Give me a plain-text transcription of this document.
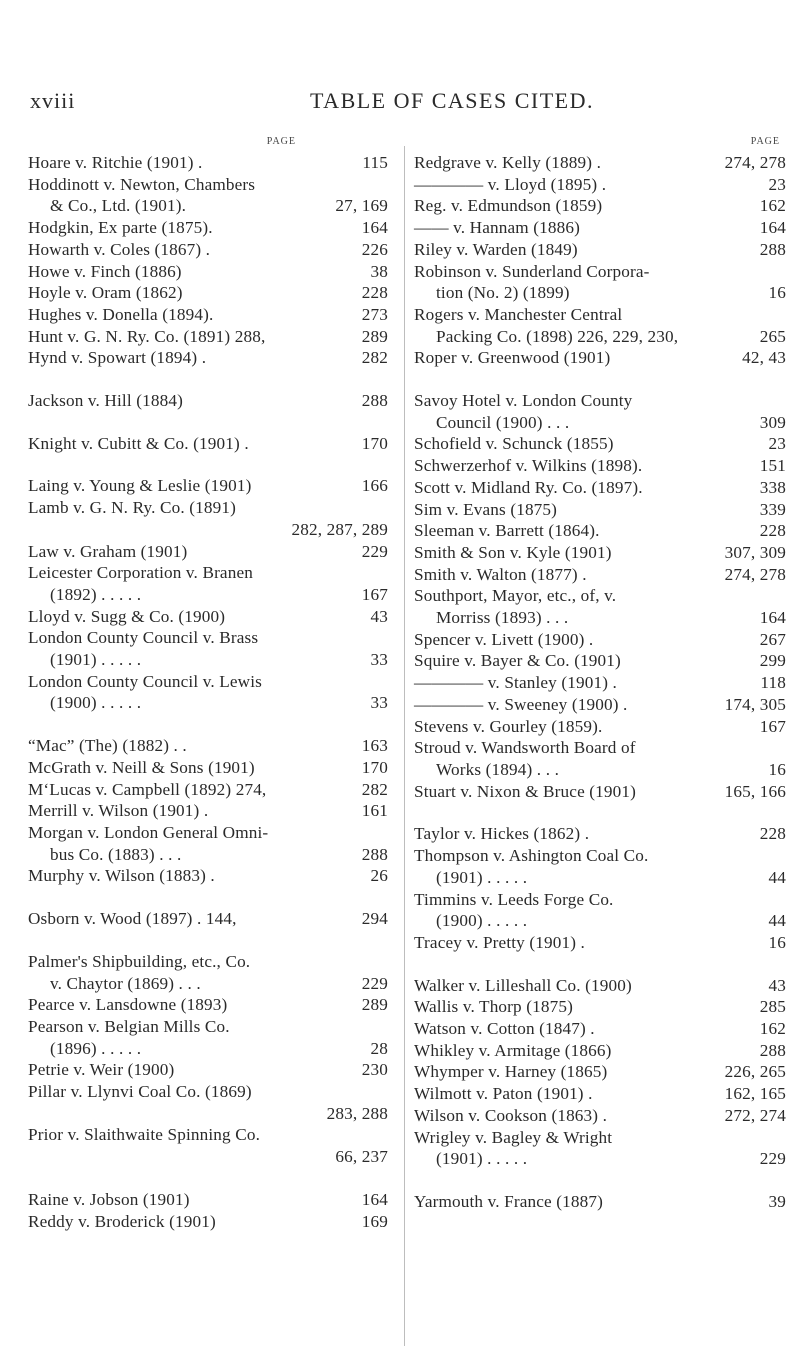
xviii	TABLE OF CASES CITED.
PAGE
Hoare v. Ritchie (1901) .	115
Hoddinott v. Newton, Chambers
& Co., Ltd. (1901).	27, 169
Hodgkin, Ex parte (1875).	164
Howarth v. Coles (1867) .	226
Howe v. Finch (1886)	38
Hoyle v. Oram (1862)	228
Hughes v. Donella (1894).	273
Hunt v. G. N. Ry. Co. (1891) 288,	289
Hynd v. Spowart (1894) .	282
Jackson v. Hill (1884)	288
Knight v. Cubitt & Co. (1901) .	170
Laing v. Young & Leslie (1901)	166
Lamb v. G. N. Ry. Co. (1891)
282, 287, 289
Law v. Graham (1901)	229
Leicester Corporation v. Branen
(1892) . . . . .	167
Lloyd v. Sugg & Co. (1900)	43
London County Council v. Brass
(1901) . . . . .	33
London County Council v. Lewis
(1900) . . . . .	33
“Mac” (The) (1882) . .	163
McGrath v. Neill & Sons (1901)	170
M‘Lucas v. Campbell (1892) 274,	282
Merrill v. Wilson (1901) .	161
Morgan v. London General Omni-
bus Co. (1883) . . .	288
Murphy v. Wilson (1883) .	26
Osborn v. Wood (1897) . 144,	294
Palmer's Shipbuilding, etc., Co.
v. Chaytor (1869) . . .	229
Pearce v. Lansdowne (1893)	289
Pearson v. Belgian Mills Co.
(1896) . . . . .	28
Petrie v. Weir (1900)	230
Pillar v. Llynvi Coal Co. (1869)
283, 288
Prior v. Slaithwaite Spinning Co.
66, 237
Raine v. Jobson (1901)	164
Reddy v. Broderick (1901)	169
PAGE
Redgrave v. Kelly (1889) .	274, 278
———— v. Lloyd (1895) .	23
Reg. v. Edmundson (1859)	162
—— v. Hannam (1886)	164
Riley v. Warden (1849)	288
Robinson v. Sunderland Corpora-
tion (No. 2) (1899)	16
Rogers v. Manchester Central
Packing Co. (1898) 226, 229, 230,	265
Roper v. Greenwood (1901)	42, 43
Savoy Hotel v. London County
Council (1900) . . .	309
Schofield v. Schunck (1855)	23
Schwerzerhof v. Wilkins (1898).	151
Scott v. Midland Ry. Co. (1897).	338
Sim v. Evans (1875)	339
Sleeman v. Barrett (1864).	228
Smith & Son v. Kyle (1901)	307, 309
Smith v. Walton (1877) .	274, 278
Southport, Mayor, etc., of, v.
Morriss (1893) . . .	164
Spencer v. Livett (1900) .	267
Squire v. Bayer & Co. (1901)	299
———— v. Stanley (1901) .	118
———— v. Sweeney (1900) .	174, 305
Stevens v. Gourley (1859).	167
Stroud v. Wandsworth Board of
Works (1894) . . .	16
Stuart v. Nixon & Bruce (1901)	165, 166
Taylor v. Hickes (1862) .	228
Thompson v. Ashington Coal Co.
(1901) . . . . .	44
Timmins v. Leeds Forge Co.
(1900) . . . . .	44
Tracey v. Pretty (1901) .	16
Walker v. Lilleshall Co. (1900)	43
Wallis v. Thorp (1875)	285
Watson v. Cotton (1847) .	162
Whikley v. Armitage (1866)	288
Whymper v. Harney (1865)	226, 265
Wilmott v. Paton (1901) .	162, 165
Wilson v. Cookson (1863) .	272, 274
Wrigley v. Bagley & Wright
(1901) . . . . .	229
Yarmouth v. France (1887)	39
